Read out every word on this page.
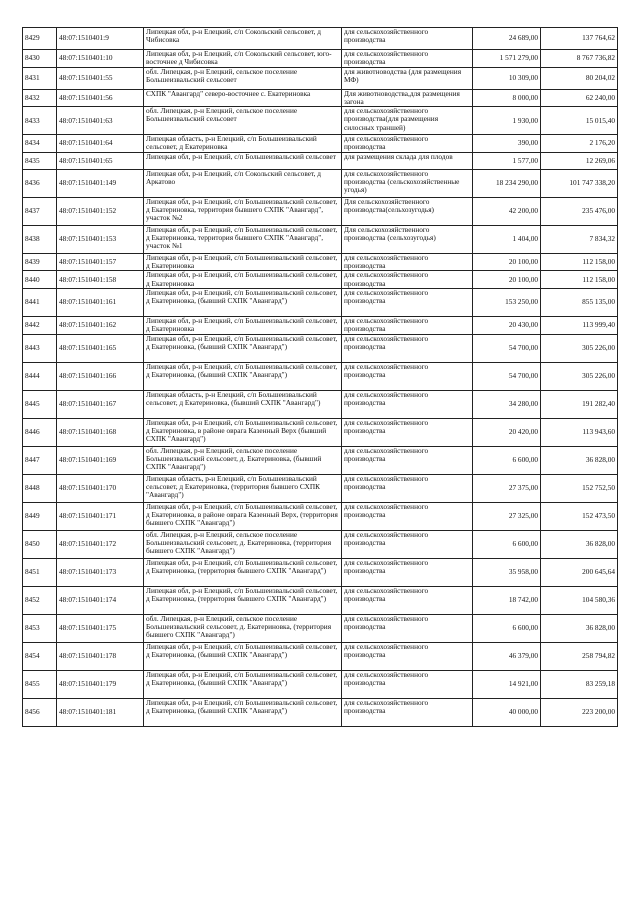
8429	48:07:1510401:9	Липецкая обл, р-н Елецкий, с/п Сокольский сельсовет, д Чибисовка	для сельскохозяйственного производства	24 689,00	137 764,62
8430	48:07:1510401:10	Липецкая обл, р-н Елецкий, с/п Сокольский сельсовет, юго-восточнее д Чибисовка	для сельскохозяйственного производства	1 571 279,00	8 767 736,82
8431	48:07:1510401:55	обл. Липецкая, р-н Елецкий, сельское поселение Большеизвальский сельсовет	для животноводства (для размещения МФ)	10 309,00	80 204,02
8432	48:07:1510401:56	СХПК "Авангард" северо-восточнее с. Екатериновка	Для животноводства,для размещения загона	8 000,00	62 240,00
8433	48:07:1510401:63	обл. Липецкая, р-н Елецкий, сельское поселение Большеизвальский сельсовет	для сельскохозяйственного производства(для размещения силосных траншей)	1 930,00	15 015,40
8434	48:07:1510401:64	Липецкая область, р-н Елецкий, с/п Большеизвальский сельсовет, д Екатериновка	для сельскохозяйственного производства	390,00	2 176,20
8435	48:07:1510401:65	Липецкая обл, р-н Елецкий, с/п Большеизвальский сельсовет	для размещения склада для плодов	1 577,00	12 269,06
8436	48:07:1510401:149	Липецкая обл, р-н Елецкий, с/п Сокольский сельсовет, д Аркатово	для сельскохозяйственного производства (сельскохозяйственные угодья)	18 234 290,00	101 747 338,20
8437	48:07:1510401:152	Липецкая обл, р-н Елецкий, с/п Большеизвальский сельсовет, д Екатериновка, территория бывшего СХПК "Авангард", участок №2	Для сельскохозяйственного производства(сельхозугодья)	42 200,00	235 476,00
8438	48:07:1510401:153	Липецкая обл, р-н Елецкий, с/п Большеизвальский сельсовет, д Екатериновка, территория бывшего СХПК "Авангард", участок №1	Для сельскохозяйственного производства (сельхозугодья)	1 404,00	7 834,32
8439	48:07:1510401:157	Липецкая обл, р-н Елецкий, с/п Большеизвальский сельсовет, д Екатериновка	для сельскохозяйственного производства	20 100,00	112 158,00
8440	48:07:1510401:158	Липецкая обл, р-н Елецкий, с/п Большеизвальский сельсовет, д Екатериновка	для сельскохозяйственного производства	20 100,00	112 158,00
8441	48:07:1510401:161	Липецкая обл, р-н Елецкий, с/п Большеизвальский сельсовет, д Екатериновка, (бывший СХПК "Авангард")	для сельскохозяйственного производства	153 250,00	855 135,00
8442	48:07:1510401:162	Липецкая обл, р-н Елецкий, с/п Большеизвальский сельсовет, д Екатериновка	для сельскохозяйственного производства	20 430,00	113 999,40
8443	48:07:1510401:165	Липецкая обл, р-н Елецкий, с/п Большеизвальский сельсовет, д Екатериновка, (бывший СХПК "Авангард")	для сельскохозяйственного производства	54 700,00	305 226,00
8444	48:07:1510401:166	Липецкая обл, р-н Елецкий, с/п Большеизвальский сельсовет, д Екатериновка, (бывший СХПК "Авангард")	для сельскохозяйственного производства	54 700,00	305 226,00
8445	48:07:1510401:167	Липецкая область, р-н Елецкий, с/п Большеизвальский сельсовет, д Екатериновка, (бывший СХПК "Авангард")	для сельскохозяйственного производства	34 280,00	191 282,40
8446	48:07:1510401:168	Липецкая обл, р-н Елецкий, с/п Большеизвальский сельсовет, д Екатериновка, в районе оврага Казенный Верх (бывший СХПК "Авангард")	для сельскохозяйственного производства	20 420,00	113 943,60
8447	48:07:1510401:169	обл. Липецкая, р-н Елецкий, сельское поселение Большеизвальский сельсовет, д. Екатериновка, (бывший СХПК "Авангард")	для сельскохозяйственного производства	6 600,00	36 828,00
8448	48:07:1510401:170	Липецкая область, р-н Елецкий, с/п Большеизвальский сельсовет, д Екатериновка, (территория бывшего СХПК "Авангард")	для сельскохозяйственного производства	27 375,00	152 752,50
8449	48:07:1510401:171	Липецкая обл, р-н Елецкий, с/п Большеизвальский сельсовет, д Екатериновка, в районе оврага Казенный Верх, (территория бывшего СХПК "Авангард")	для сельскохозяйственного производства	27 325,00	152 473,50
8450	48:07:1510401:172	обл. Липецкая, р-н Елецкий, сельское поселение Большеизвальский сельсовет, д. Екатериновка, (территория бывшего СХПК "Авангард")	для сельскохозяйственного производства	6 600,00	36 828,00
8451	48:07:1510401:173	Липецкая обл, р-н Елецкий, с/п Большеизвальский сельсовет, д Екатериновка, (территория бывшего СХПК "Авангард")	для сельскохозяйственного производства	35 958,00	200 645,64
8452	48:07:1510401:174	Липецкая обл, р-н Елецкий, с/п Большеизвальский сельсовет, д Екатериновка, (территория бывшего СХПК "Авангард")	для сельскохозяйственного производства	18 742,00	104 580,36
8453	48:07:1510401:175	обл. Липецкая, р-н Елецкий, сельское поселение Большеизвальский сельсовет, д. Екатериновка, (территория бывшего СХПК "Авангард")	для сельскохозяйственного производства	6 600,00	36 828,00
8454	48:07:1510401:178	Липецкая обл, р-н Елецкий, с/п Большеизвальский сельсовет, д Екатериновка, (бывший СХПК "Авангард")	для сельскохозяйственного производства	46 379,00	258 794,82
8455	48:07:1510401:179	Липецкая обл, р-н Елецкий, с/п Большеизвальский сельсовет, д Екатериновка, (бывший СХПК "Авангард")	для сельскохозяйственного производства	14 921,00	83 259,18
8456	48:07:1510401:181	Липецкая обл, р-н Елецкий, с/п Большеизвальский сельсовет, д Екатериновка, (бывший СХПК "Авангард")	для сельскохозяйственного производства	40 000,00	223 200,00
